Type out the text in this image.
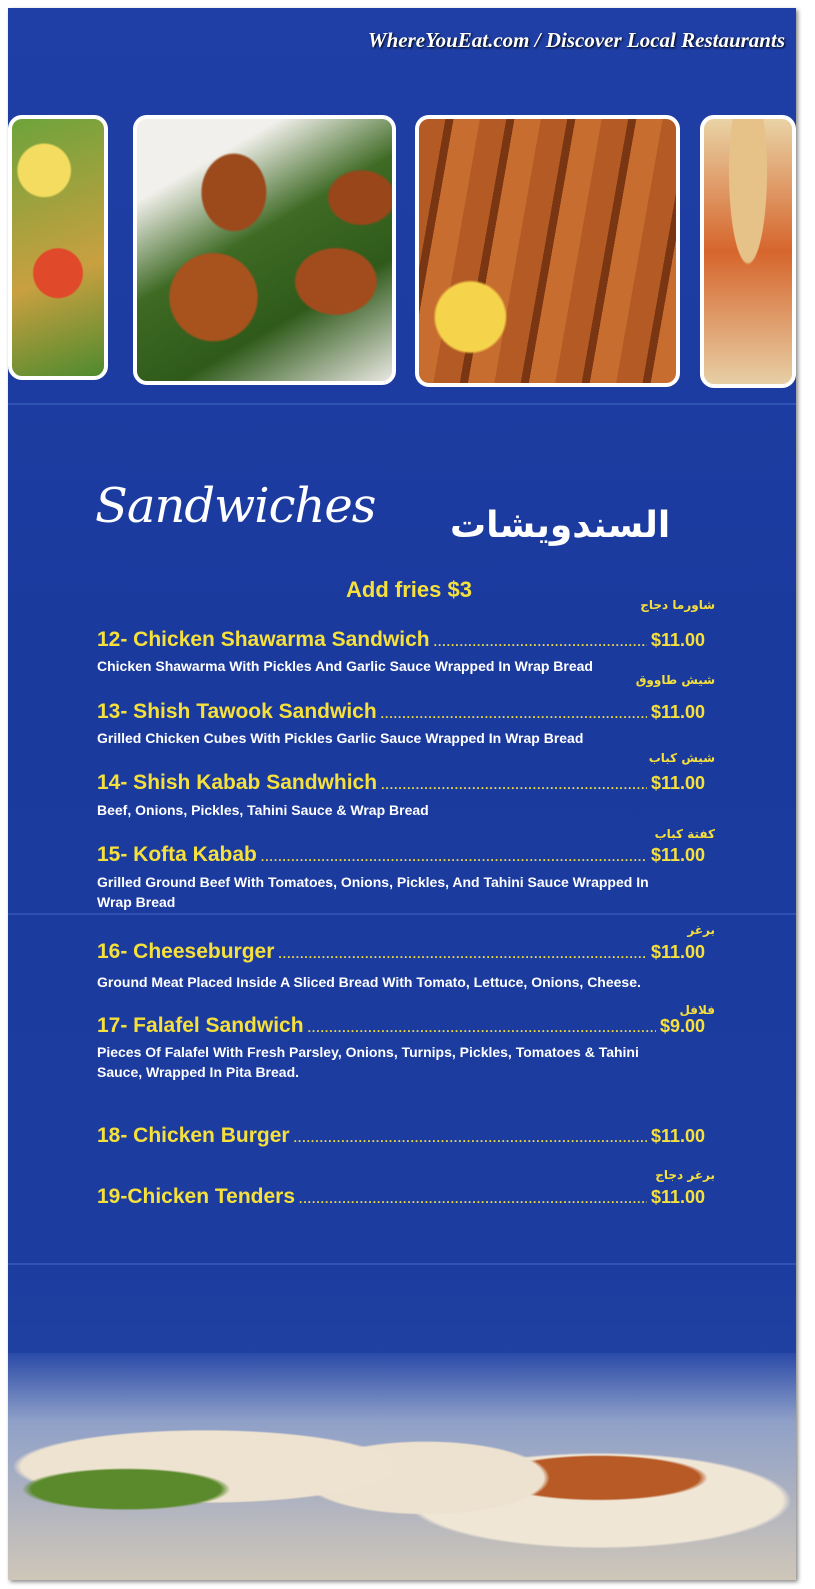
WhereYouEat.com / Discover Local Restaurants
Sandwiches السندويشات
Add fries $3
شاورما دجاج
12- Chicken Shawarma Sandwich .....	$11.00
Chicken Shawarma With Pickles And Garlic Sauce Wrapped In Wrap Bread
شيش طاووق
13- Shish Tawook Sandwich .....	$11.00
Grilled Chicken Cubes With Pickles Garlic Sauce Wrapped In Wrap Bread
شيش كباب
14- Shish Kabab Sandwhich .....	$11.00
Beef, Onions, Pickles, Tahini Sauce & Wrap Bread
كفتة كباب
15- Kofta Kabab .....	$11.00
Grilled Ground Beef With Tomatoes, Onions, Pickles, And Tahini Sauce Wrapped In Wrap Bread
برغر
16- Cheeseburger .....	$11.00
Ground Meat Placed Inside A Sliced Bread With Tomato, Lettuce, Onions, Cheese.
فلافل
17- Falafel Sandwich .....	$9.00
Pieces Of Falafel With Fresh Parsley, Onions, Turnips, Pickles, Tomatoes & Tahini Sauce, Wrapped In Pita Bread.
18- Chicken Burger .....	$11.00
برغر دجاج
19-Chicken Tenders .....	$11.00
